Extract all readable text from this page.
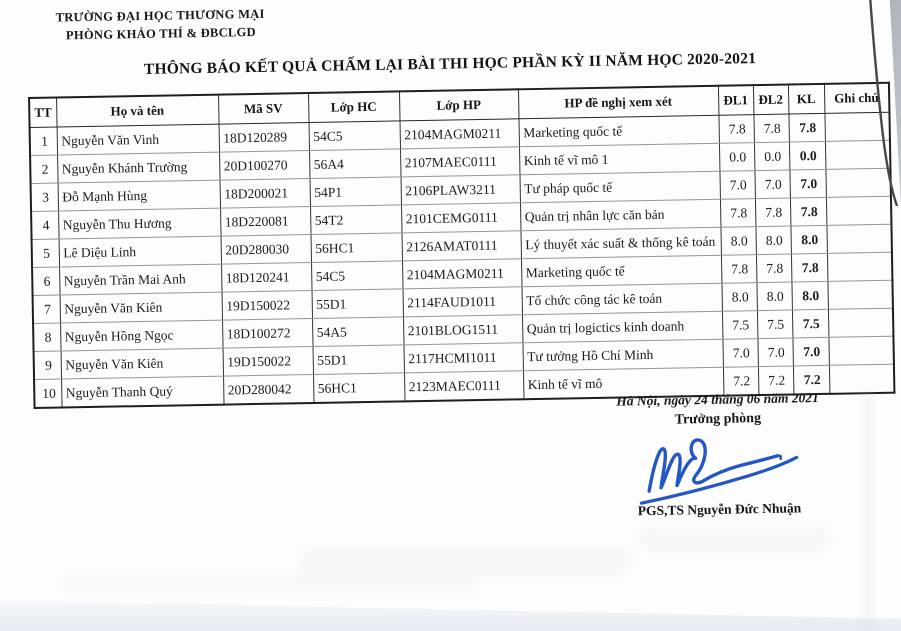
TRƯỜNG ĐẠI HỌC THƯƠNG MẠI
PHÒNG KHẢO THÍ & ĐBCLGD
THÔNG BÁO KẾT QUẢ CHẤM LẠI BÀI THI HỌC PHẦN KỲ II NĂM HỌC 2020-2021
TT	Họ và tên	Mã SV	Lớp HC	Lớp HP	HP đề nghị xem xét	ĐL1	ĐL2	KL	Ghi chú
1	Nguyễn Văn Vinh	18D120289	54C5	2104MAGM0211	Marketing quốc tế	7.8	7.8	7.8	
2	Nguyễn Khánh Trường	20D100270	56A4	2107MAEC0111	Kinh tế vĩ mô 1	0.0	0.0	0.0	
3	Đỗ Mạnh Hùng	18D200021	54P1	2106PLAW3211	Tư pháp quốc tế	7.0	7.0	7.0	
4	Nguyễn Thu Hương	18D220081	54T2	2101CEMG0111	Quản trị nhân lực căn bản	7.8	7.8	7.8	
5	Lê Diệu Linh	20D280030	56HC1	2126AMAT0111	Lý thuyết xác suất & thống kê toán	8.0	8.0	8.0	
6	Nguyễn Trần Mai Anh	18D120241	54C5	2104MAGM0211	Marketing quốc tế	7.8	7.8	7.8	
7	Nguyễn Văn Kiên	19D150022	55D1	2114FAUD1011	Tổ chức công tác kê toán	8.0	8.0	8.0	
8	Nguyễn Hồng Ngọc	18D100272	54A5	2101BLOG1511	Quản trị logictics kinh doanh	7.5	7.5	7.5	
9	Nguyễn Văn Kiên	19D150022	55D1	2117HCMI1011	Tư tưởng Hồ Chí Minh	7.0	7.0	7.0	
10	Nguyễn Thanh Quý	20D280042	56HC1	2123MAEC0111	Kinh tế vĩ mô	7.2	7.2	7.2	
Hà Nội, ngày 24 tháng 06 năm 2021
Trưởng phòng
PGS,TS Nguyễn Đức Nhuận
